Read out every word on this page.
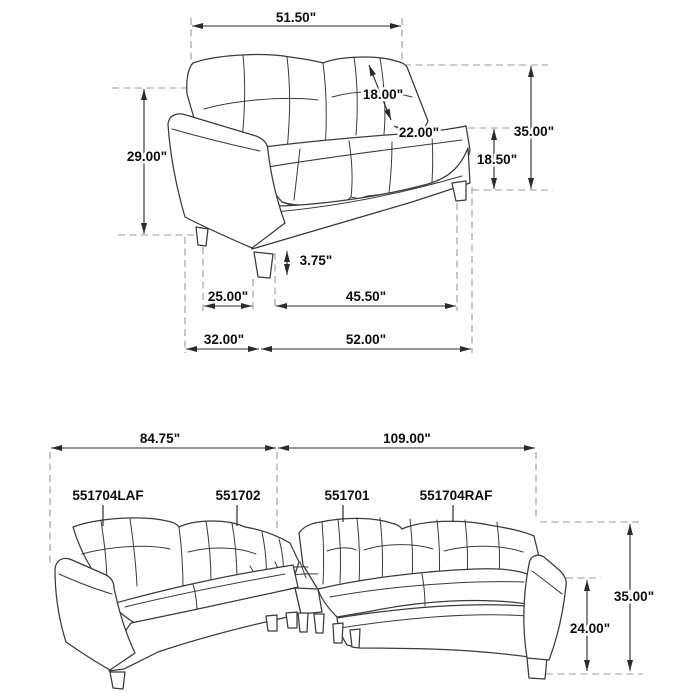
51.50"
18.00"
22.00"	35.00"
18.50"
29.00"
3.75"
25.00"	45.50"
32.00"	52.00"
84.75"	109.00"
35.00"
24.00"
551704LAF	551702	551701	551704RAF
